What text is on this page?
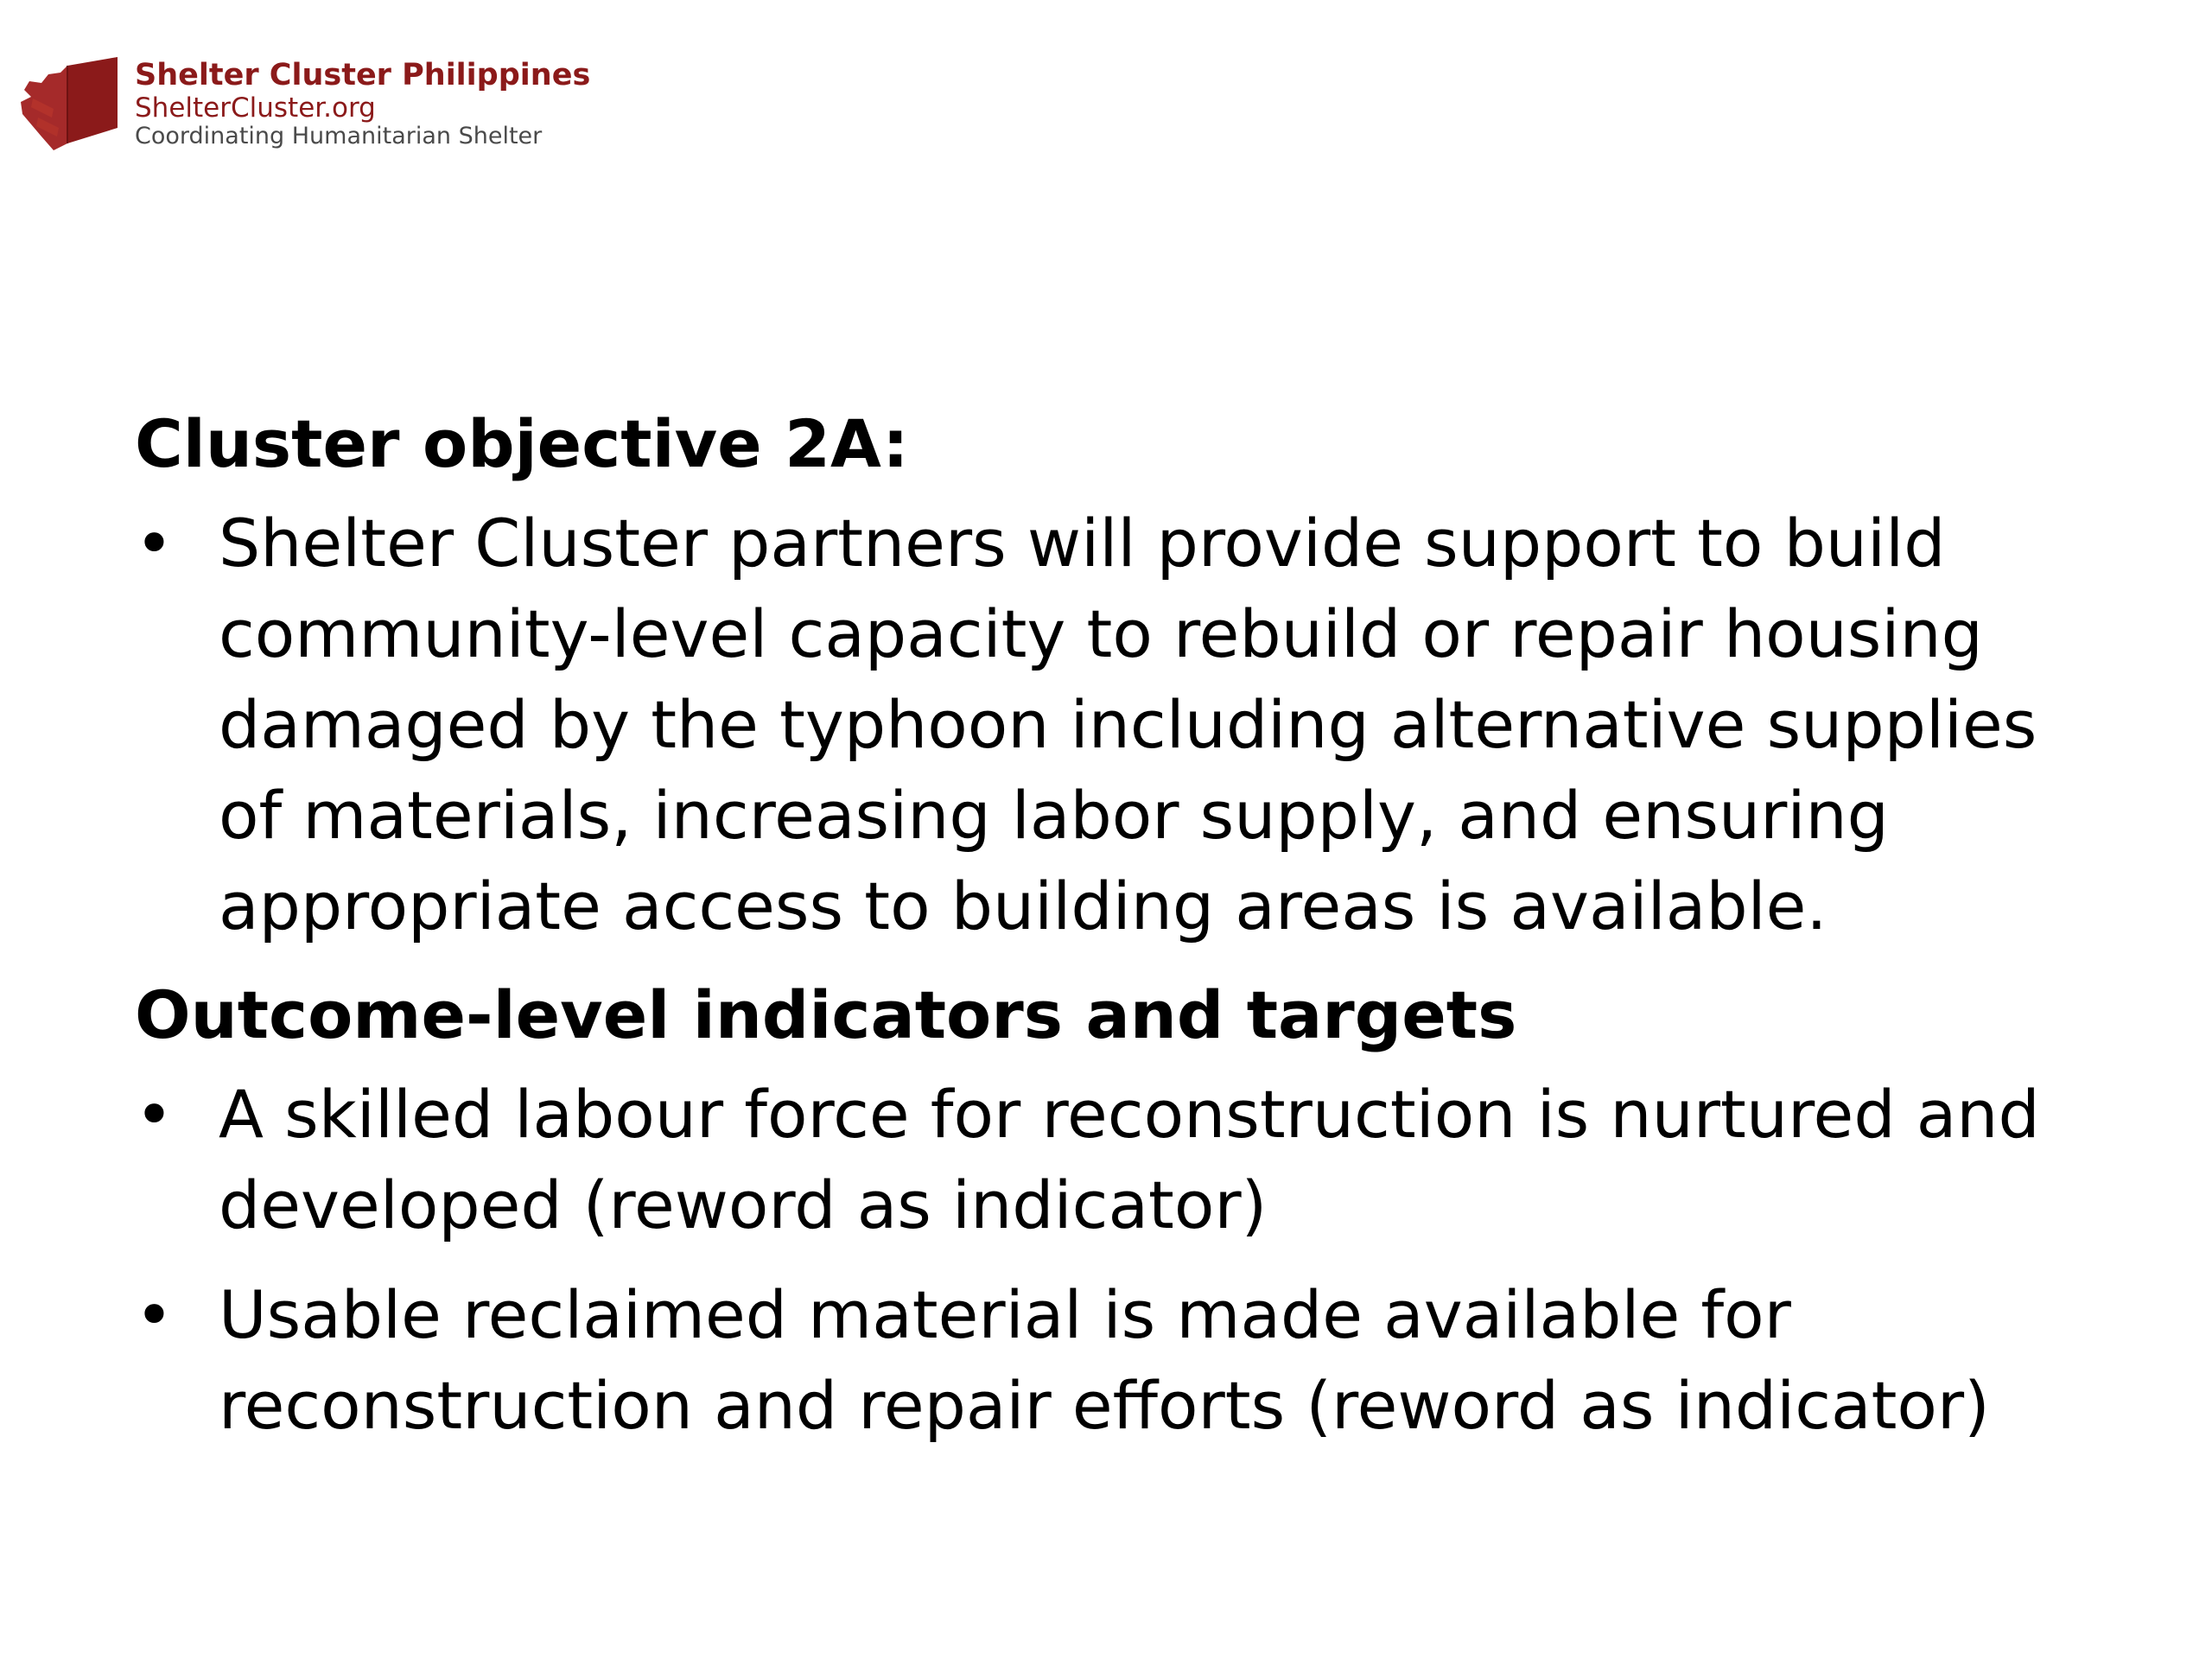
Shelter Cluster Philippines
ShelterCluster.org
Coordinating Humanitarian Shelter
Cluster objective 2A:
• Shelter Cluster partners will provide support to build
community-level capacity to rebuild or repair housing
damaged by the typhoon including alternative supplies
of materials, increasing labor supply, and ensuring
appropriate access to building areas is available.
Outcome-level indicators and targets
• A skilled labour force for reconstruction is nurtured and
developed (reword as indicator)
• Usable reclaimed material is made available for
reconstruction and repair efforts (reword as indicator)
